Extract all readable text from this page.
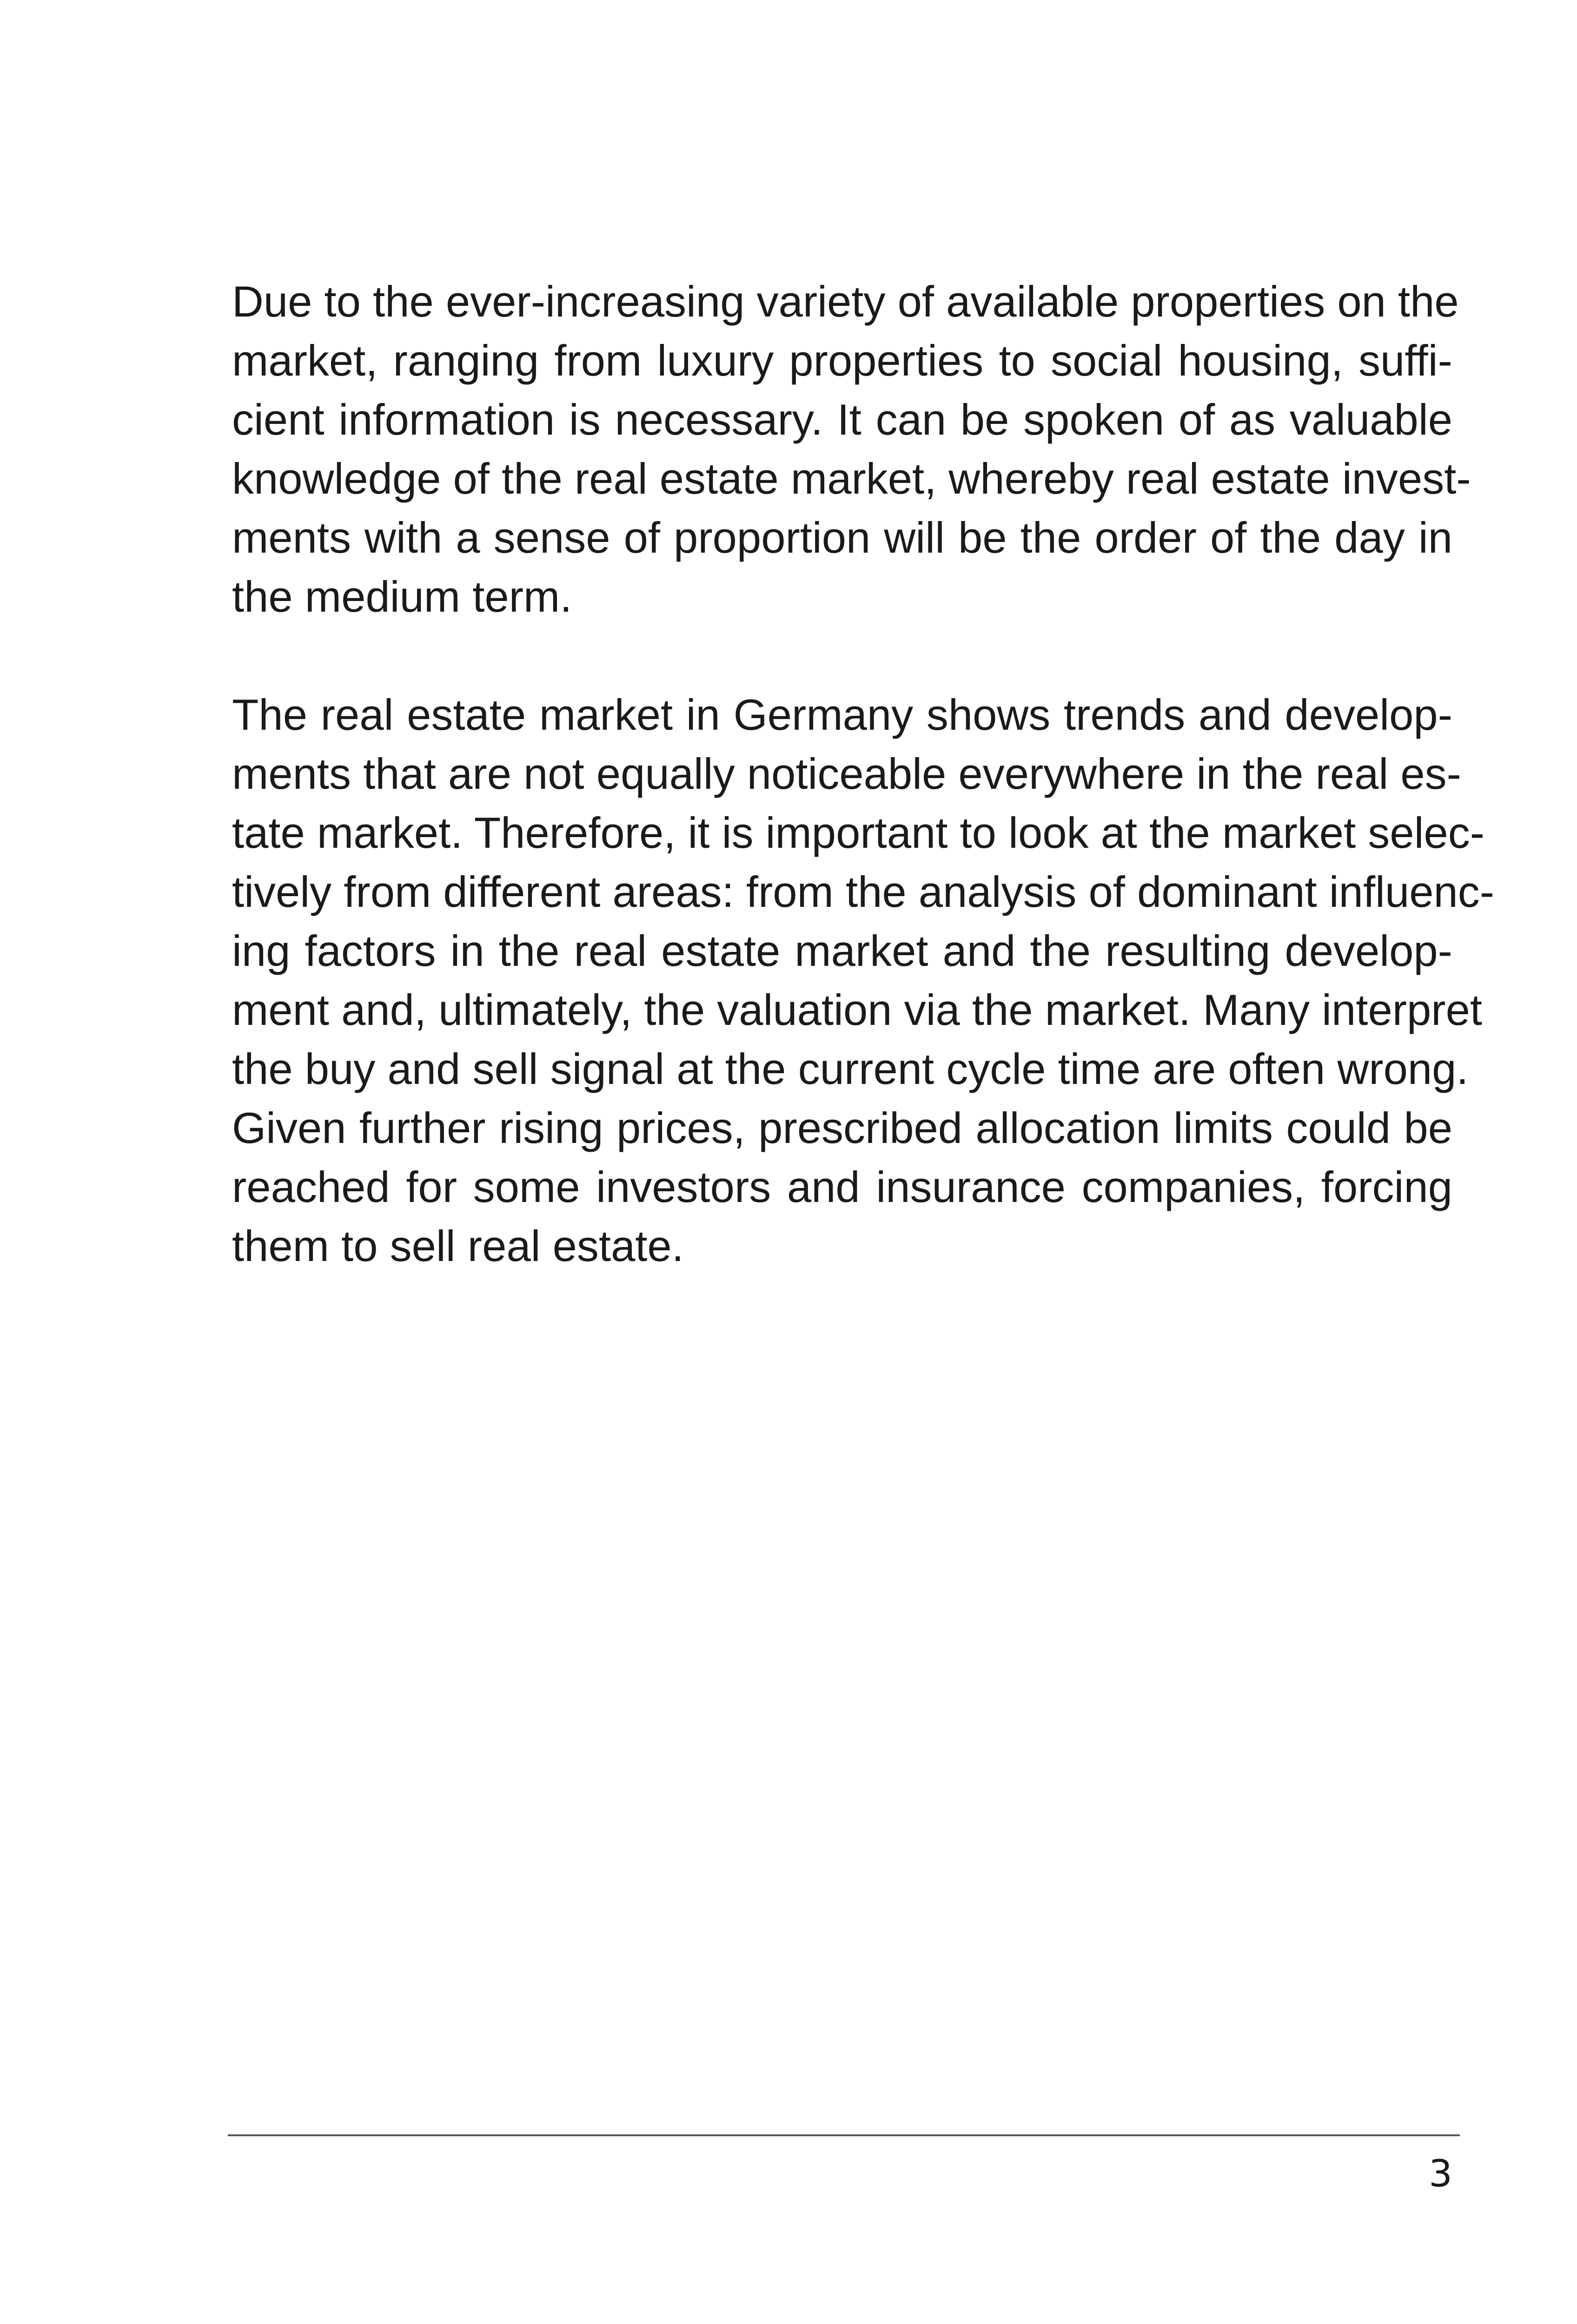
Due to the ever-increasing variety of available properties on the
market, ranging from luxury properties to social housing, suffi-
cient information is necessary. It can be spoken of as valuable
knowledge of the real estate market, whereby real estate invest-
ments with a sense of proportion will be the order of the day in
the medium term.

The real estate market in Germany shows trends and develop-
ments that are not equally noticeable everywhere in the real es-
tate market. Therefore, it is important to look at the market selec-
tively from different areas: from the analysis of dominant influenc-
ing factors in the real estate market and the resulting develop-
ment and, ultimately, the valuation via the market. Many interpret
the buy and sell signal at the current cycle time are often wrong.
Given further rising prices, prescribed allocation limits could be
reached for some investors and insurance companies, forcing
them to sell real estate.

3
